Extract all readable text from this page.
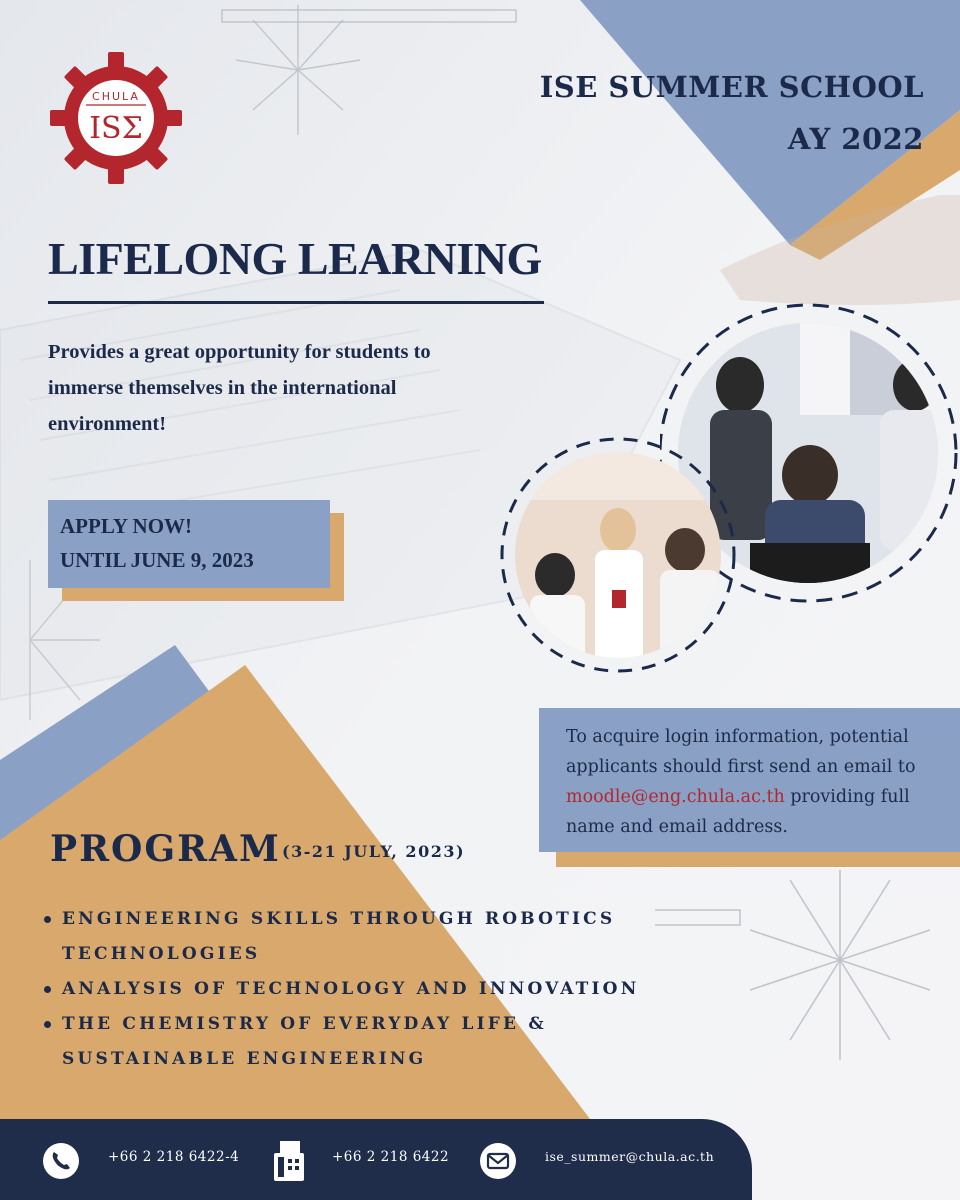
CHULA
ISΣ
ISE SUMMER SCHOOL
AY 2022
LIFELONG LEARNING
Provides a great opportunity for students to
immerse themselves in the international
environment!
APPLY NOW!
UNTIL JUNE 9, 2023
To acquire login information, potential applicants should first send an email to moodle@eng.chula.ac.th providing full name and email address.
PROGRAM (3-21 JULY, 2023)
ENGINEERING SKILLS THROUGH ROBOTICS TECHNOLOGIES
ANALYSIS OF TECHNOLOGY AND INNOVATION
THE CHEMISTRY OF EVERYDAY LIFE & SUSTAINABLE ENGINEERING
+66 2 218 6422-4	+66 2 218 6422	ise_summer@chula.ac.th
